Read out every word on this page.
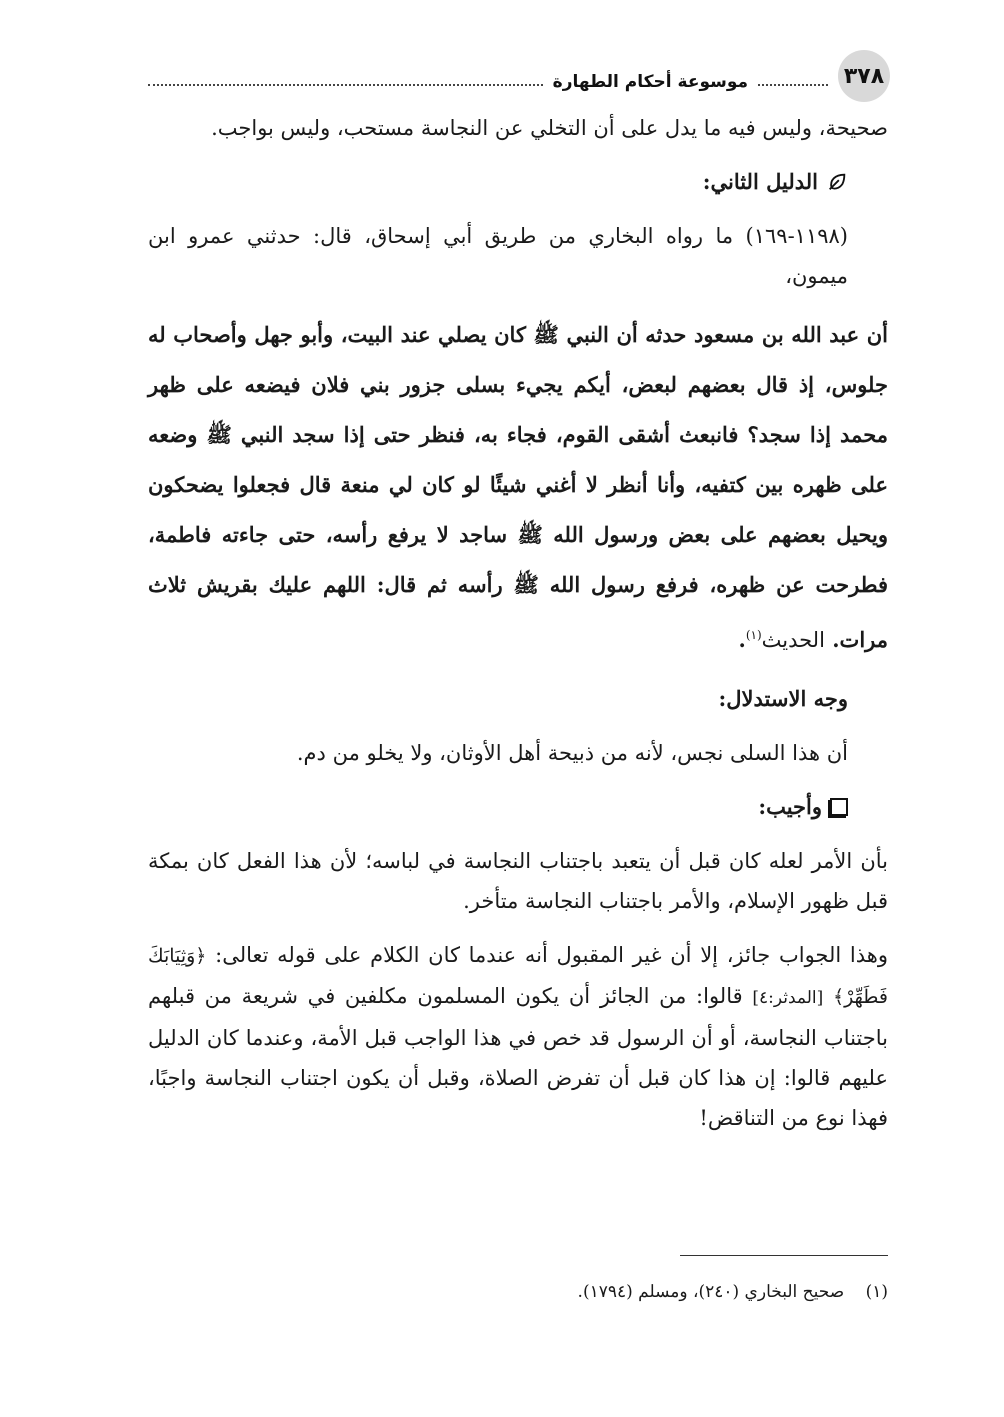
٣٧٨
موسوعة أحكام الطهارة

صحيحة، وليس فيه ما يدل على أن التخلي عن النجاسة مستحب، وليس بواجب.

الدليل الثاني:

(١١٩٨-١٦٩) ما رواه البخاري من طريق أبي إسحاق، قال: حدثني عمرو ابن ميمون،

أن عبد الله بن مسعود حدثه أن النبي ﷺ كان يصلي عند البيت، وأبو جهل وأصحاب له جلوس، إذ قال بعضهم لبعض، أيكم يجيء بسلى جزور بني فلان فيضعه على ظهر محمد إذا سجد؟ فانبعث أشقى القوم، فجاء به، فنظر حتى إذا سجد النبي ﷺ وضعه على ظهره بين كتفيه، وأنا أنظر لا أغني شيئًا لو كان لي منعة قال فجعلوا يضحكون ويحيل بعضهم على بعض ورسول الله ﷺ ساجد لا يرفع رأسه، حتى جاءته فاطمة، فطرحت عن ظهره، فرفع رسول الله ﷺ رأسه ثم قال: اللهم عليك بقريش ثلاث مرات. الحديث$^{(١)}$.

وجه الاستدلال:

أن هذا السلى نجس، لأنه من ذبيحة أهل الأوثان، ولا يخلو من دم.

وأجيب:

بأن الأمر لعله كان قبل أن يتعبد باجتناب النجاسة في لباسه؛ لأن هذا الفعل كان بمكة قبل ظهور الإسلام، والأمر باجتناب النجاسة متأخر.

وهذا الجواب جائز، إلا أن غير المقبول أنه عندما كان الكلام على قوله تعالى: ﴿وَثِيَابَكَ فَطَهِّرْ﴾ [المدثر:٤] قالوا: من الجائز أن يكون المسلمون مكلفين في شريعة من قبلهم باجتناب النجاسة، أو أن الرسول قد خص في هذا الواجب قبل الأمة، وعندما كان الدليل عليهم قالوا: إن هذا كان قبل أن تفرض الصلاة، وقبل أن يكون اجتناب النجاسة واجبًا، فهذا نوع من التناقض!

(١) صحيح البخاري (٢٤٠)، ومسلم (١٧٩٤).
